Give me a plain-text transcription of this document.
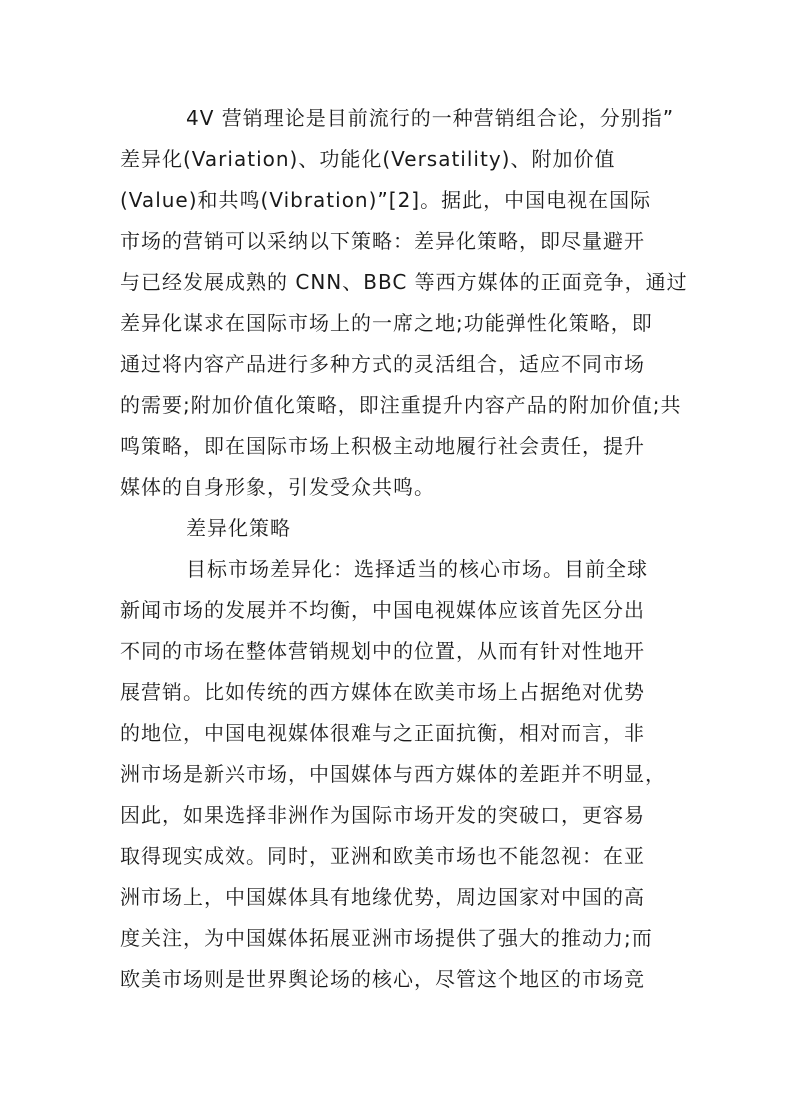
4V 营销理论是目前流行的一种营销组合论，分别指”
差异化(Variation)、功能化(Versatility)、附加价值
(Value)和共鸣(Vibration)”[2]。据此，中国电视在国际
市场的营销可以采纳以下策略：差异化策略，即尽量避开
与已经发展成熟的 CNN、BBC 等西方媒体的正面竞争，通过
差异化谋求在国际市场上的一席之地;功能弹性化策略，即
通过将内容产品进行多种方式的灵活组合，适应不同市场
的需要;附加价值化策略，即注重提升内容产品的附加价值;共
鸣策略，即在国际市场上积极主动地履行社会责任，提升
媒体的自身形象，引发受众共鸣。
差异化策略
目标市场差异化：选择适当的核心市场。目前全球
新闻市场的发展并不均衡，中国电视媒体应该首先区分出
不同的市场在整体营销规划中的位置，从而有针对性地开
展营销。比如传统的西方媒体在欧美市场上占据绝对优势
的地位，中国电视媒体很难与之正面抗衡，相对而言，非
洲市场是新兴市场，中国媒体与西方媒体的差距并不明显，
因此，如果选择非洲作为国际市场开发的突破口，更容易
取得现实成效。同时，亚洲和欧美市场也不能忽视：在亚
洲市场上，中国媒体具有地缘优势，周边国家对中国的高
度关注，为中国媒体拓展亚洲市场提供了强大的推动力;而
欧美市场则是世界舆论场的核心，尽管这个地区的市场竞
